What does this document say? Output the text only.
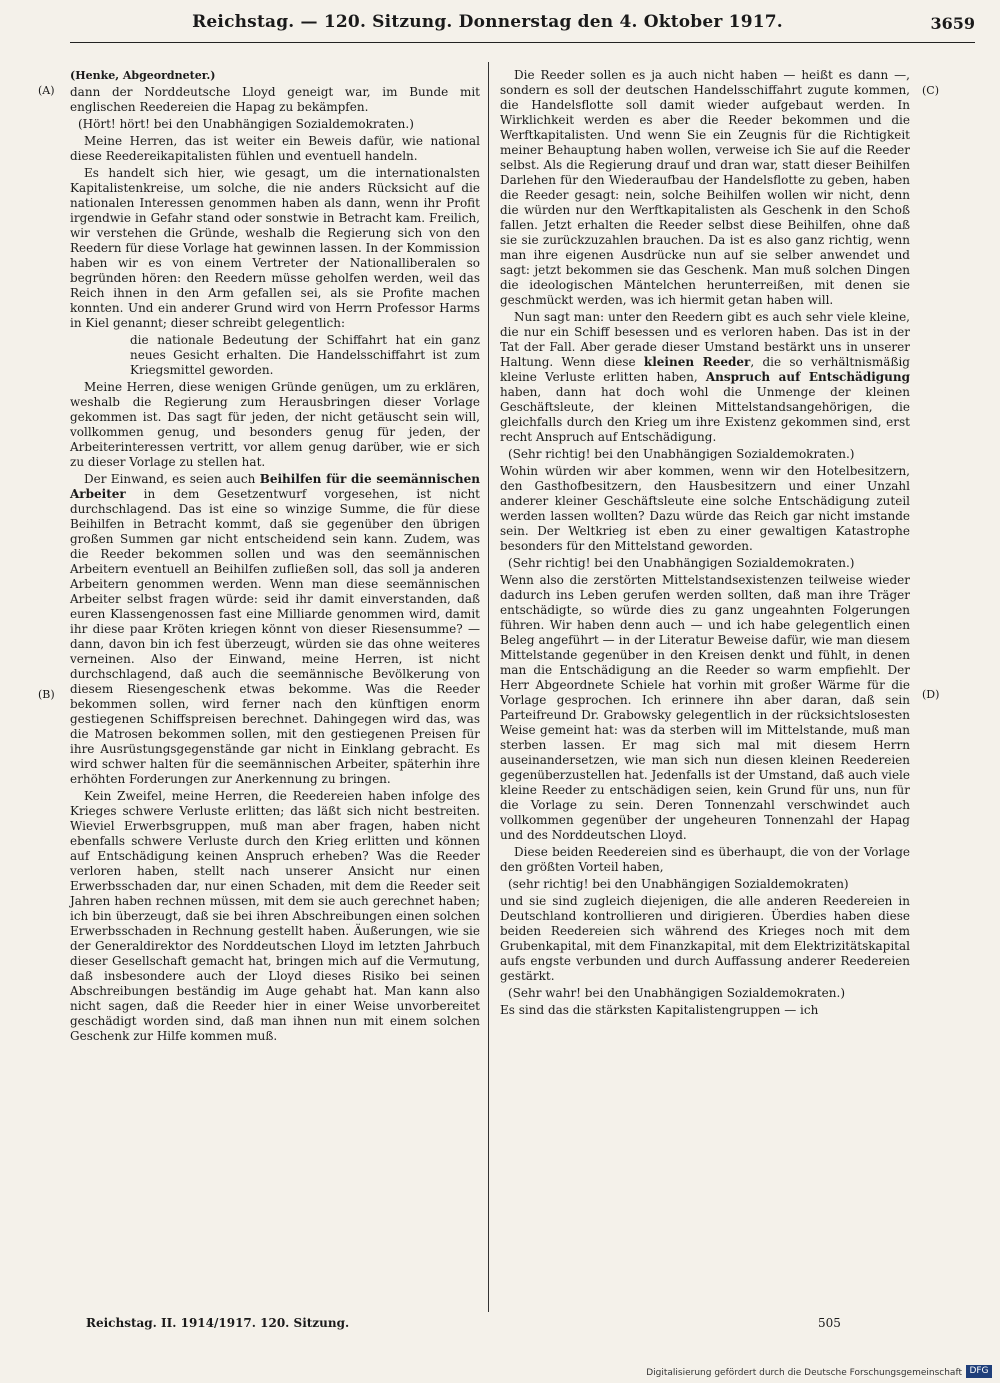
Reichstag. — 120. Sitzung. Donnerstag den 4. Oktober 1917.	3659
(A)
(B)
(C)
(D)
(Henke, Abgeordneter.)

dann der Norddeutsche Lloyd geneigt war, im Bunde mit englischen Reedereien die Hapag zu bekämpfen.

(Hört! hört! bei den Unabhängigen Sozialdemokraten.)

Meine Herren, das ist weiter ein Beweis dafür, wie national diese Reedereikapitalisten fühlen und eventuell handeln.

Es handelt sich hier, wie gesagt, um die internationalsten Kapitalistenkreise, um solche, die nie anders Rücksicht auf die nationalen Interessen genommen haben als dann, wenn ihr Profit irgendwie in Gefahr stand oder sonstwie in Betracht kam. Freilich, wir verstehen die Gründe, weshalb die Regierung sich von den Reedern für diese Vorlage hat gewinnen lassen. In der Kommission haben wir es von einem Vertreter der Nationalliberalen so begründen hören: den Reedern müsse geholfen werden, weil das Reich ihnen in den Arm gefallen sei, als sie Profite machen konnten. Und ein anderer Grund wird von Herrn Professor Harms in Kiel genannt; dieser schreibt gelegentlich:

die nationale Bedeutung der Schiffahrt hat ein ganz neues Gesicht erhalten. Die Handelsschiffahrt ist zum Kriegsmittel geworden.

Meine Herren, diese wenigen Gründe genügen, um zu erklären, weshalb die Regierung zum Herausbringen dieser Vorlage gekommen ist. Das sagt für jeden, der nicht getäuscht sein will, vollkommen genug, und besonders genug für jeden, der Arbeiterinteressen vertritt, vor allem genug darüber, wie er sich zu dieser Vorlage zu stellen hat.

Der Einwand, es seien auch Beihilfen für die seemännischen Arbeiter in dem Gesetzentwurf vorgesehen, ist nicht durchschlagend. Das ist eine so winzige Summe, die für diese Beihilfen in Betracht kommt, daß sie gegenüber den übrigen großen Summen gar nicht entscheidend sein kann. Zudem, was die Reeder bekommen sollen und was den seemännischen Arbeitern eventuell an Beihilfen zufließen soll, das soll ja anderen Arbeitern genommen werden. Wenn man diese seemännischen Arbeiter selbst fragen würde: seid ihr damit einverstanden, daß euren Klassengenossen fast eine Milliarde genommen wird, damit ihr diese paar Kröten kriegen könnt von dieser Riesensumme? — dann, davon bin ich fest überzeugt, würden sie das ohne weiteres verneinen. Also der Einwand, meine Herren, ist nicht durchschlagend, daß auch die seemännische Bevölkerung von diesem Riesengeschenk etwas bekomme. Was die Reeder bekommen sollen, wird ferner nach den künftigen enorm gestiegenen Schiffspreisen berechnet. Dahingegen wird das, was die Matrosen bekommen sollen, mit den gestiegenen Preisen für ihre Ausrüstungsgegenstände gar nicht in Einklang gebracht. Es wird schwer halten für die seemännischen Arbeiter, späterhin ihre erhöhten Forderungen zur Anerkennung zu bringen.

Kein Zweifel, meine Herren, die Reedereien haben infolge des Krieges schwere Verluste erlitten; das läßt sich nicht bestreiten. Wieviel Erwerbsgruppen, muß man aber fragen, haben nicht ebenfalls schwere Verluste durch den Krieg erlitten und können auf Entschädigung keinen Anspruch erheben? Was die Reeder verloren haben, stellt nach unserer Ansicht nur einen Erwerbsschaden dar, nur einen Schaden, mit dem die Reeder seit Jahren haben rechnen müssen, mit dem sie auch gerechnet haben; ich bin überzeugt, daß sie bei ihren Abschreibungen einen solchen Erwerbsschaden in Rechnung gestellt haben. Äußerungen, wie sie der Generaldirektor des Norddeutschen Lloyd im letzten Jahrbuch dieser Gesellschaft gemacht hat, bringen mich auf die Vermutung, daß insbesondere auch der Lloyd dieses Risiko bei seinen Abschreibungen beständig im Auge gehabt hat. Man kann also nicht sagen, daß die Reeder hier in einer Weise unvorbereitet geschädigt worden sind, daß man ihnen nun mit einem solchen Geschenk zur Hilfe kommen muß.

Die Reeder sollen es ja auch nicht haben — heißt es dann —, sondern es soll der deutschen Handelsschiffahrt zugute kommen, die Handelsflotte soll damit wieder aufgebaut werden. In Wirklichkeit werden es aber die Reeder bekommen und die Werftkapitalisten. Und wenn Sie ein Zeugnis für die Richtigkeit meiner Behauptung haben wollen, verweise ich Sie auf die Reeder selbst. Als die Regierung drauf und dran war, statt dieser Beihilfen Darlehen für den Wiederaufbau der Handelsflotte zu geben, haben die Reeder gesagt: nein, solche Beihilfen wollen wir nicht, denn die würden nur den Werftkapitalisten als Geschenk in den Schoß fallen. Jetzt erhalten die Reeder selbst diese Beihilfen, ohne daß sie sie zurückzuzahlen brauchen. Da ist es also ganz richtig, wenn man ihre eigenen Ausdrücke nun auf sie selber anwendet und sagt: jetzt bekommen sie das Geschenk. Man muß solchen Dingen die ideologischen Mäntelchen herunterreißen, mit denen sie geschmückt werden, was ich hiermit getan haben will.

Nun sagt man: unter den Reedern gibt es auch sehr viele kleine, die nur ein Schiff besessen und es verloren haben. Das ist in der Tat der Fall. Aber gerade dieser Umstand bestärkt uns in unserer Haltung. Wenn diese kleinen Reeder, die so verhältnismäßig kleine Verluste erlitten haben, Anspruch auf Entschädigung haben, dann hat doch wohl die Unmenge der kleinen Geschäftsleute, der kleinen Mittelstandsangehörigen, die gleichfalls durch den Krieg um ihre Existenz gekommen sind, erst recht Anspruch auf Entschädigung.

(Sehr richtig! bei den Unabhängigen Sozialdemokraten.)

Wohin würden wir aber kommen, wenn wir den Hotelbesitzern, den Gasthofbesitzern, den Hausbesitzern und einer Unzahl anderer kleiner Geschäftsleute eine solche Entschädigung zuteil werden lassen wollten? Dazu würde das Reich gar nicht imstande sein. Der Weltkrieg ist eben zu einer gewaltigen Katastrophe besonders für den Mittelstand geworden.

(Sehr richtig! bei den Unabhängigen Sozialdemokraten.)

Wenn also die zerstörten Mittelstandsexistenzen teilweise wieder dadurch ins Leben gerufen werden sollten, daß man ihre Träger entschädigte, so würde dies zu ganz ungeahnten Folgerungen führen. Wir haben denn auch — und ich habe gelegentlich einen Beleg angeführt — in der Literatur Beweise dafür, wie man diesem Mittelstande gegenüber in den Kreisen denkt und fühlt, in denen man die Entschädigung an die Reeder so warm empfiehlt. Der Herr Abgeordnete Schiele hat vorhin mit großer Wärme für die Vorlage gesprochen. Ich erinnere ihn aber daran, daß sein Parteifreund Dr. Grabowsky gelegentlich in der rücksichtslosesten Weise gemeint hat: was da sterben will im Mittelstande, muß man sterben lassen. Er mag sich mal mit diesem Herrn auseinandersetzen, wie man sich nun diesen kleinen Reedereien gegenüberzustellen hat. Jedenfalls ist der Umstand, daß auch viele kleine Reeder zu entschädigen seien, kein Grund für uns, nun für die Vorlage zu sein. Deren Tonnenzahl verschwindet auch vollkommen gegenüber der ungeheuren Tonnenzahl der Hapag und des Norddeutschen Lloyd.

Diese beiden Reedereien sind es überhaupt, die von der Vorlage den größten Vorteil haben,

(sehr richtig! bei den Unabhängigen Sozialdemokraten)

und sie sind zugleich diejenigen, die alle anderen Reedereien in Deutschland kontrollieren und dirigieren. Überdies haben diese beiden Reedereien sich während des Krieges noch mit dem Grubenkapital, mit dem Finanzkapital, mit dem Elektrizitätskapital aufs engste verbunden und durch Auffassung anderer Reedereien gestärkt.

(Sehr wahr! bei den Unabhängigen Sozialdemokraten.)

Es sind das die stärksten Kapitalistengruppen — ich

Reichstag. II. 1914/1917. 120. Sitzung.	505
Digitalisierung gefördert durch die Deutsche Forschungsgemeinschaft DFG
